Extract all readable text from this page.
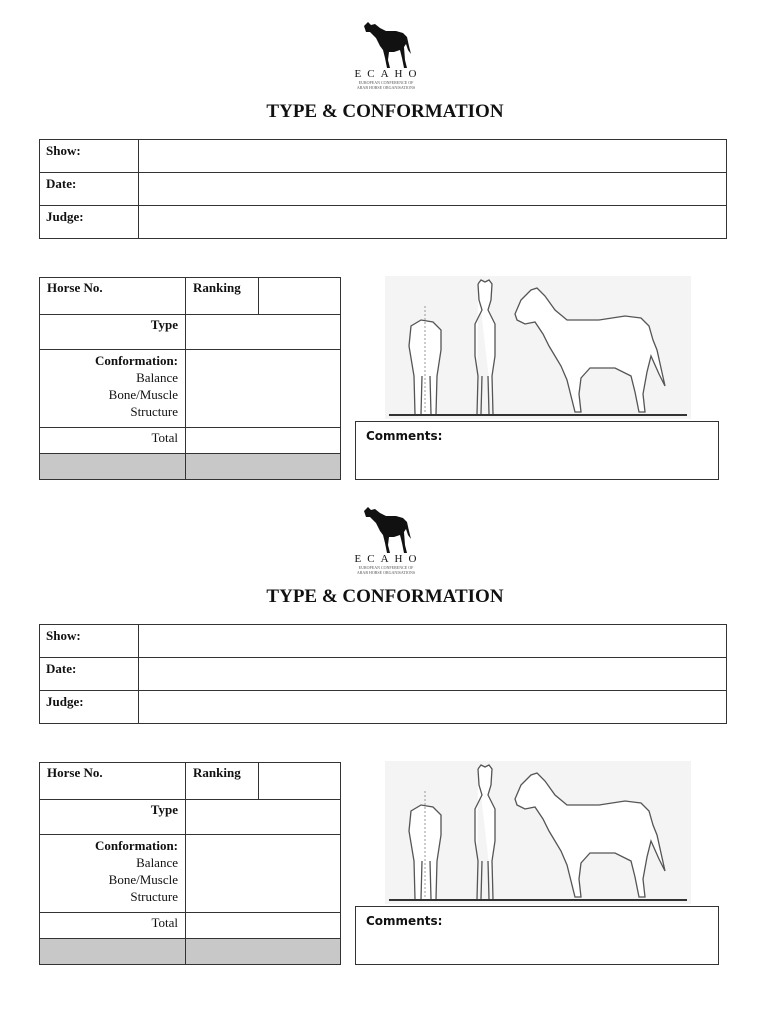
ECAHO
EUROPEAN CONFERENCE OF
ARAB HORSE ORGANISATIONS
TYPE & CONFORMATION
Show:	
Date:	
Judge:	
Horse No.	Ranking	
Type		

Conformation:
Balance
Bone/Muscle
Structure		

Total		
		Comments:
ECAHO
EUROPEAN CONFERENCE OF
ARAB HORSE ORGANISATIONS
TYPE & CONFORMATION
Show:	
Date:	
Judge:	
Horse No.	Ranking	
Type		

Conformation:
Balance
Bone/Muscle
Structure		

Total		
		Comments:
